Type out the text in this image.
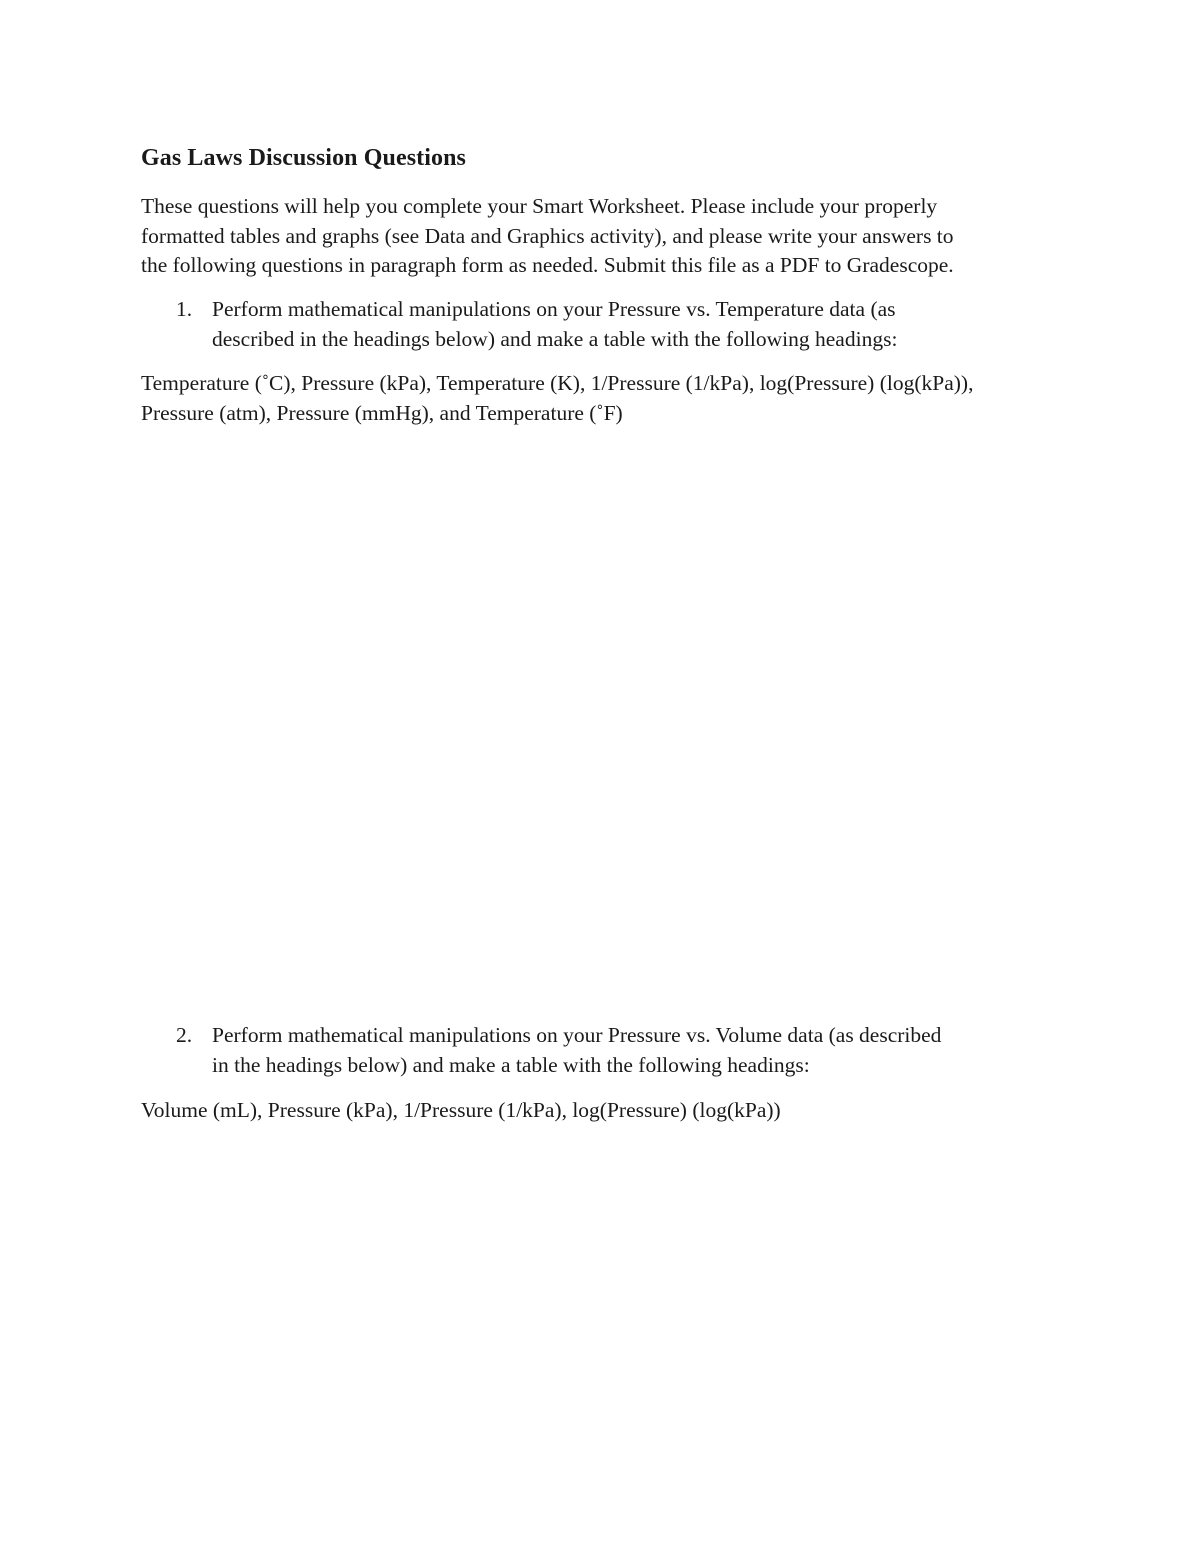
Gas Laws Discussion Questions

These questions will help you complete your Smart Worksheet. Please include your properly
formatted tables and graphs (see Data and Graphics activity), and please write your answers to
the following questions in paragraph form as needed. Submit this file as a PDF to Gradescope.

1. Perform mathematical manipulations on your Pressure vs. Temperature data (as
described in the headings below) and make a table with the following headings:

Temperature (˚C), Pressure (kPa), Temperature (K), 1/Pressure (1/kPa), log(Pressure) (log(kPa)),
Pressure (atm), Pressure (mmHg), and Temperature (˚F)

2. Perform mathematical manipulations on your Pressure vs. Volume data (as described
in the headings below) and make a table with the following headings:

Volume (mL), Pressure (kPa), 1/Pressure (1/kPa), log(Pressure) (log(kPa))
